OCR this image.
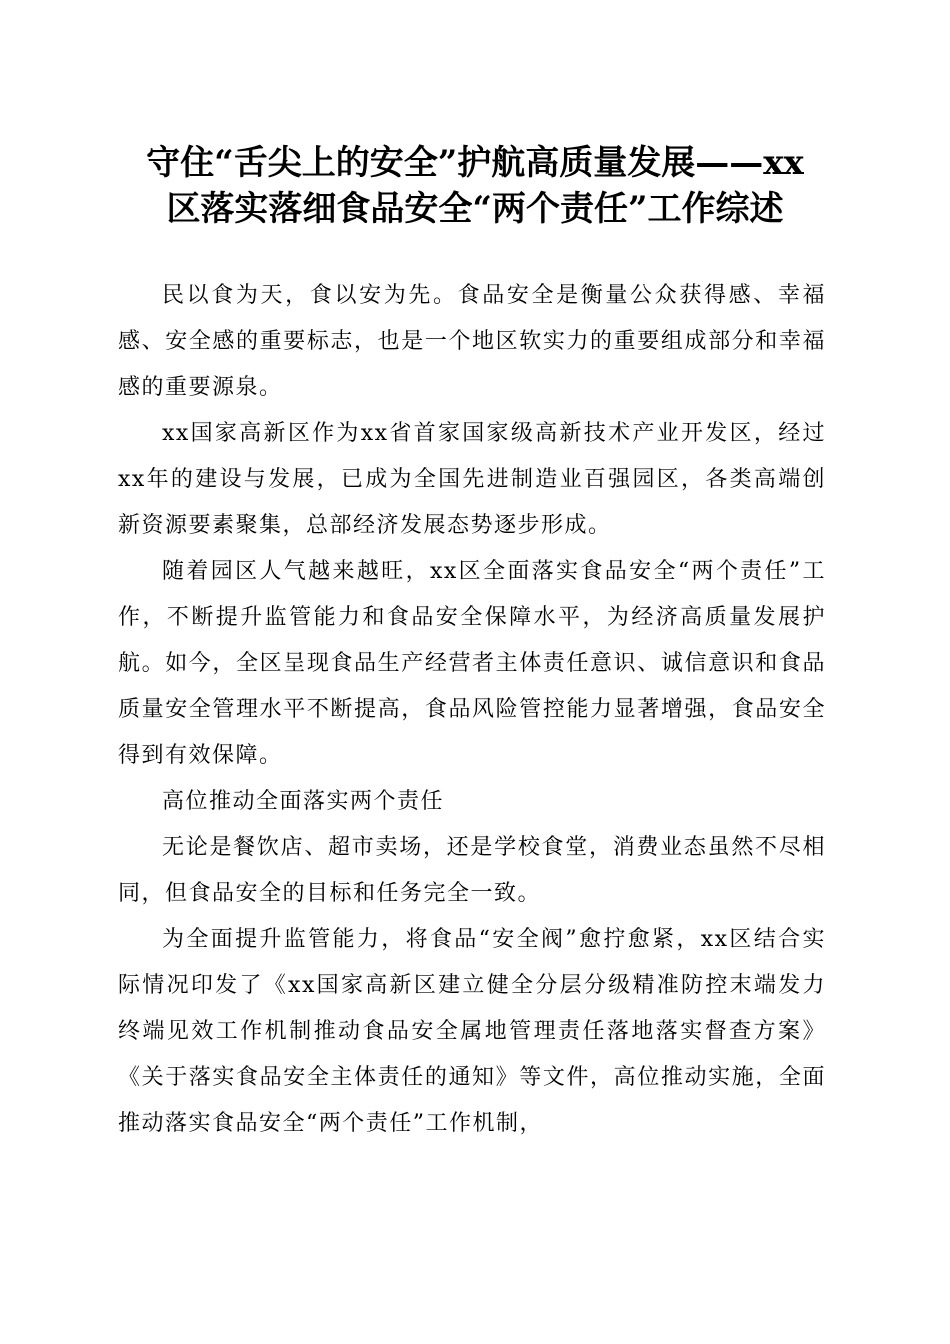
守住“舌尖上的安全”护航高质量发展——xx
区落实落细食品安全“两个责任”工作综述

民以食为天，食以安为先。食品安全是衡量公众获得感、幸福感、安全感的重要标志，也是一个地区软实力的重要组成部分和幸福感的重要源泉。

xx国家高新区作为xx省首家国家级高新技术产业开发区，经过xx年的建设与发展，已成为全国先进制造业百强园区，各类高端创新资源要素聚集，总部经济发展态势逐步形成。

随着园区人气越来越旺，xx区全面落实食品安全“两个责任”工作，不断提升监管能力和食品安全保障水平，为经济高质量发展护航。如今，全区呈现食品生产经营者主体责任意识、诚信意识和食品质量安全管理水平不断提高，食品风险管控能力显著增强，食品安全得到有效保障。

高位推动全面落实两个责任

无论是餐饮店、超市卖场，还是学校食堂，消费业态虽然不尽相同，但食品安全的目标和任务完全一致。

为全面提升监管能力，将食品“安全阀”愈拧愈紧，xx区结合实际情况印发了《xx国家高新区建立健全分层分级精准防控末端发力终端见效工作机制推动食品安全属地管理责任落地落实督查方案》《关于落实食品安全主体责任的通知》等文件，高位推动实施，全面推动落实食品安全“两个责任”工作机制，
